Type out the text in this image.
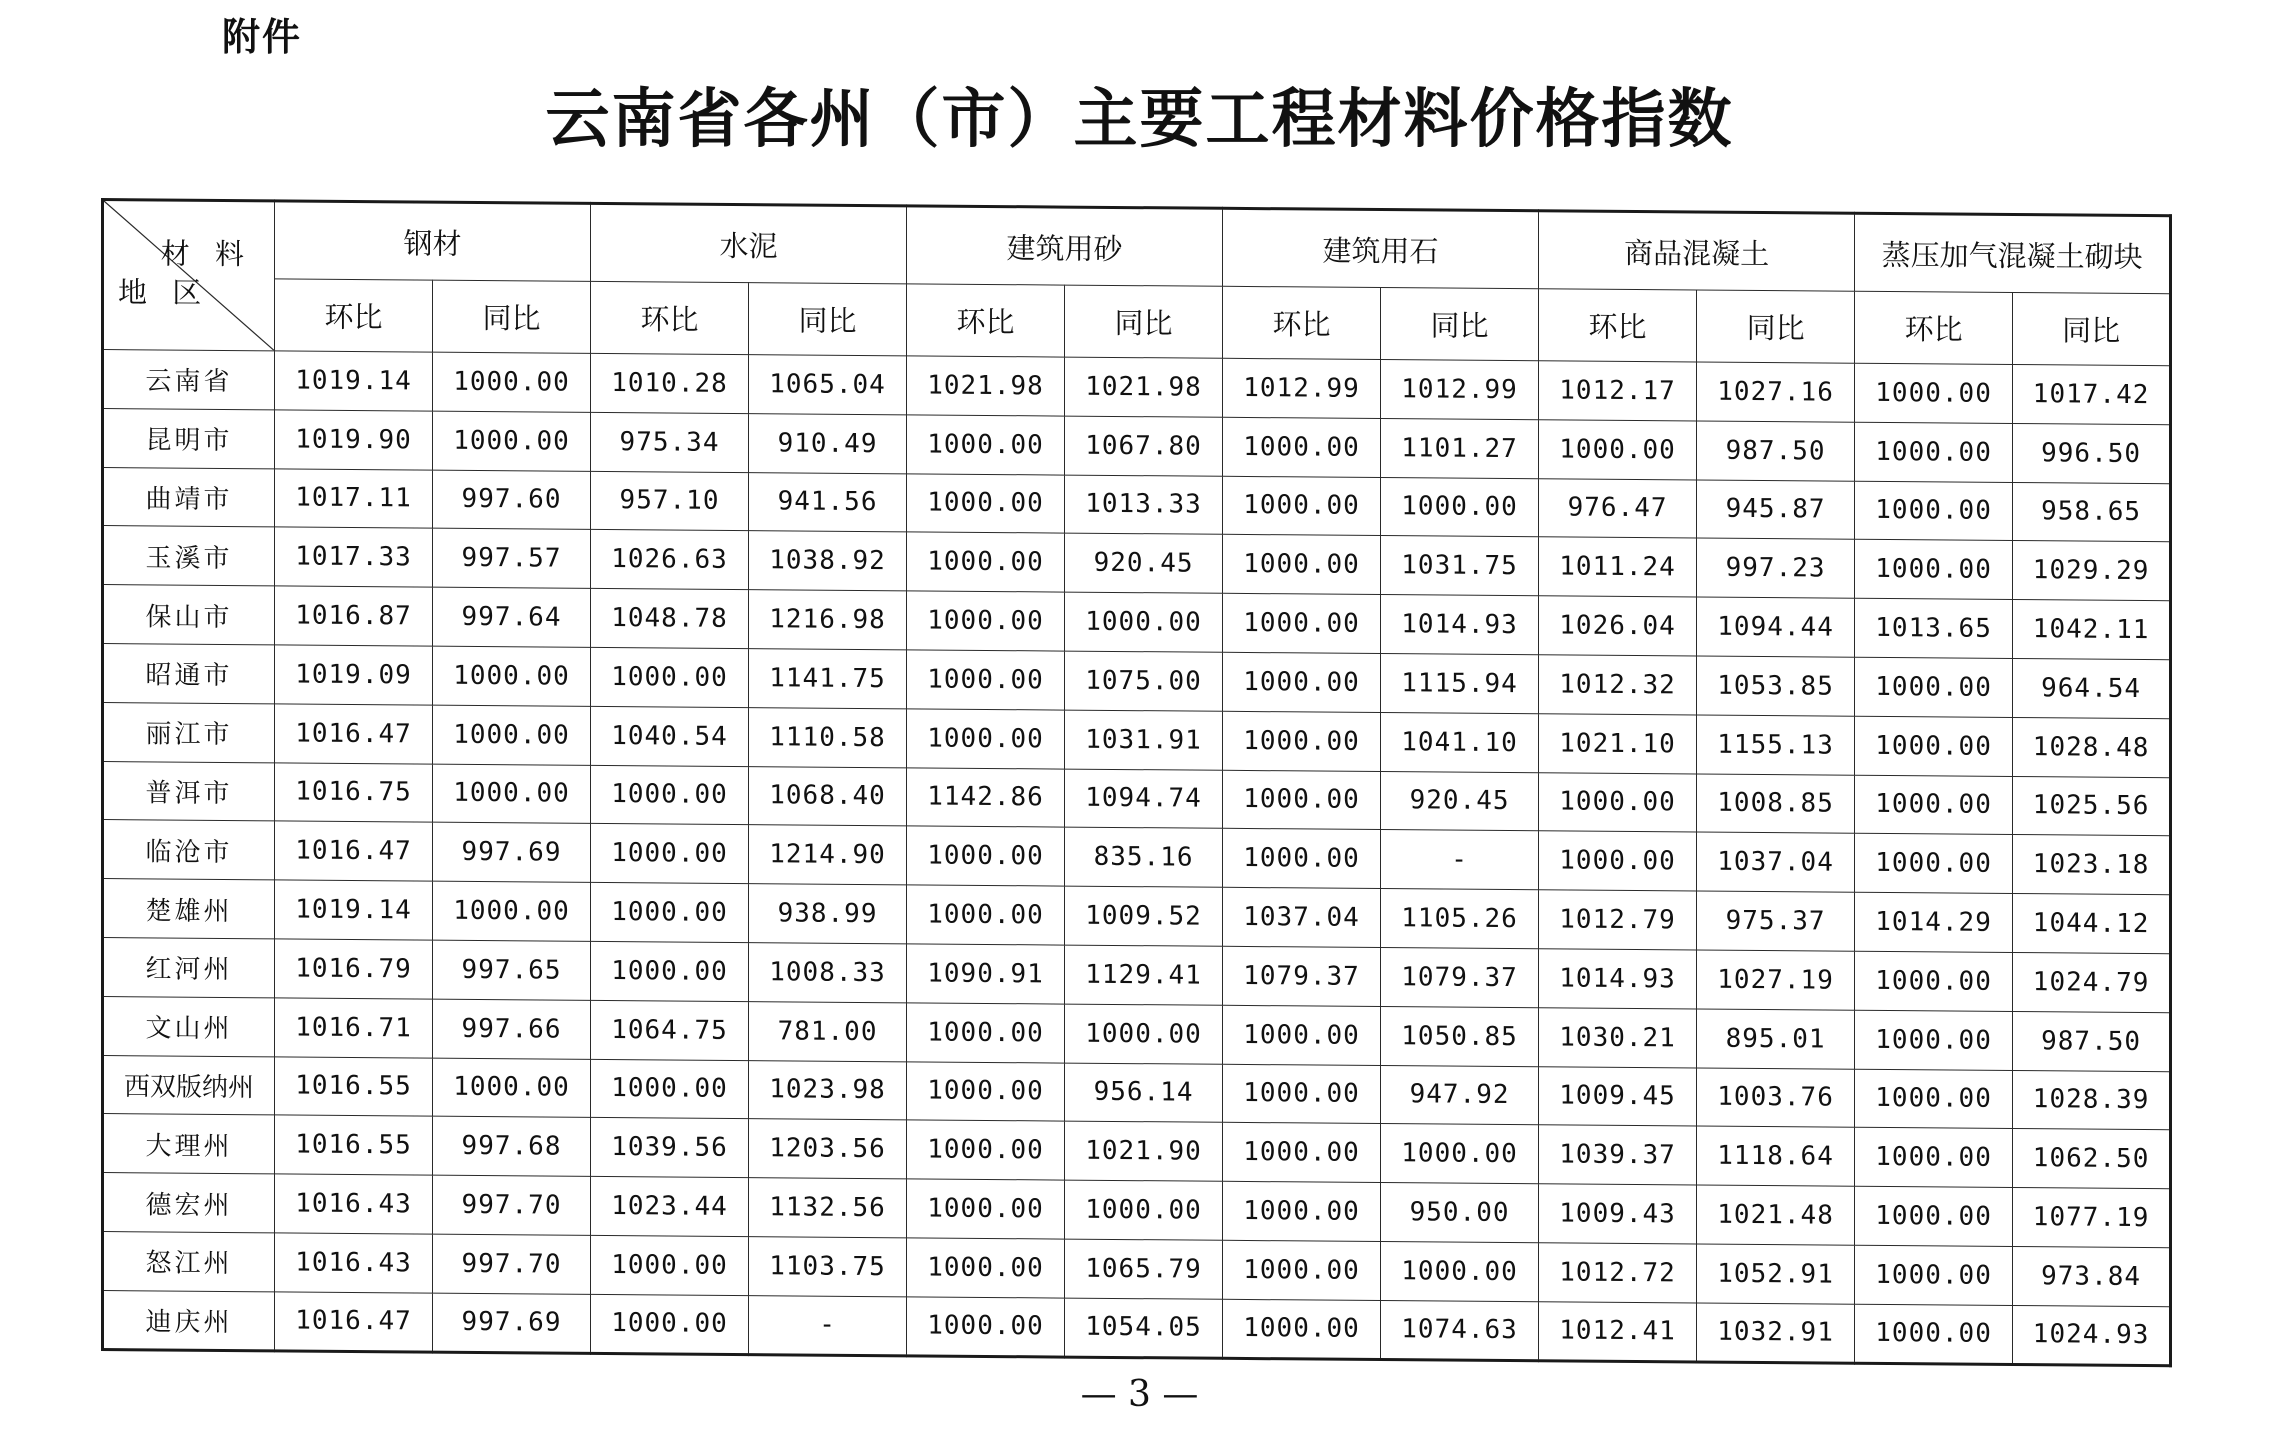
附件
云南省各州（市）主要工程材料价格指数
材 料
地 区	钢材		水泥		建筑用砂		建筑用石		商品混凝土		蒸压加气混凝土砌块	
	环比	同比	环比	同比	环比	同比	环比	同比	环比	同比	环比	同比
云南省	1019.14	1000.00	1010.28	1065.04	1021.98	1021.98	1012.99	1012.99	1012.17	1027.16	1000.00	1017.42
昆明市	1019.90	1000.00	975.34	910.49	1000.00	1067.80	1000.00	1101.27	1000.00	987.50	1000.00	996.50
曲靖市	1017.11	997.60	957.10	941.56	1000.00	1013.33	1000.00	1000.00	976.47	945.87	1000.00	958.65
玉溪市	1017.33	997.57	1026.63	1038.92	1000.00	920.45	1000.00	1031.75	1011.24	997.23	1000.00	1029.29
保山市	1016.87	997.64	1048.78	1216.98	1000.00	1000.00	1000.00	1014.93	1026.04	1094.44	1013.65	1042.11
昭通市	1019.09	1000.00	1000.00	1141.75	1000.00	1075.00	1000.00	1115.94	1012.32	1053.85	1000.00	964.54
丽江市	1016.47	1000.00	1040.54	1110.58	1000.00	1031.91	1000.00	1041.10	1021.10	1155.13	1000.00	1028.48
普洱市	1016.75	1000.00	1000.00	1068.40	1142.86	1094.74	1000.00	920.45	1000.00	1008.85	1000.00	1025.56
临沧市	1016.47	997.69	1000.00	1214.90	1000.00	835.16	1000.00	-	1000.00	1037.04	1000.00	1023.18
楚雄州	1019.14	1000.00	1000.00	938.99	1000.00	1009.52	1037.04	1105.26	1012.79	975.37	1014.29	1044.12
红河州	1016.79	997.65	1000.00	1008.33	1090.91	1129.41	1079.37	1079.37	1014.93	1027.19	1000.00	1024.79
文山州	1016.71	997.66	1064.75	781.00	1000.00	1000.00	1000.00	1050.85	1030.21	895.01	1000.00	987.50
西双版纳州	1016.55	1000.00	1000.00	1023.98	1000.00	956.14	1000.00	947.92	1009.45	1003.76	1000.00	1028.39
大理州	1016.55	997.68	1039.56	1203.56	1000.00	1021.90	1000.00	1000.00	1039.37	1118.64	1000.00	1062.50
德宏州	1016.43	997.70	1023.44	1132.56	1000.00	1000.00	1000.00	950.00	1009.43	1021.48	1000.00	1077.19
怒江州	1016.43	997.70	1000.00	1103.75	1000.00	1065.79	1000.00	1000.00	1012.72	1052.91	1000.00	973.84
迪庆州	1016.47	997.69	1000.00	-	1000.00	1054.05	1000.00	1074.63	1012.41	1032.91	1000.00	1024.93
— 3 —
